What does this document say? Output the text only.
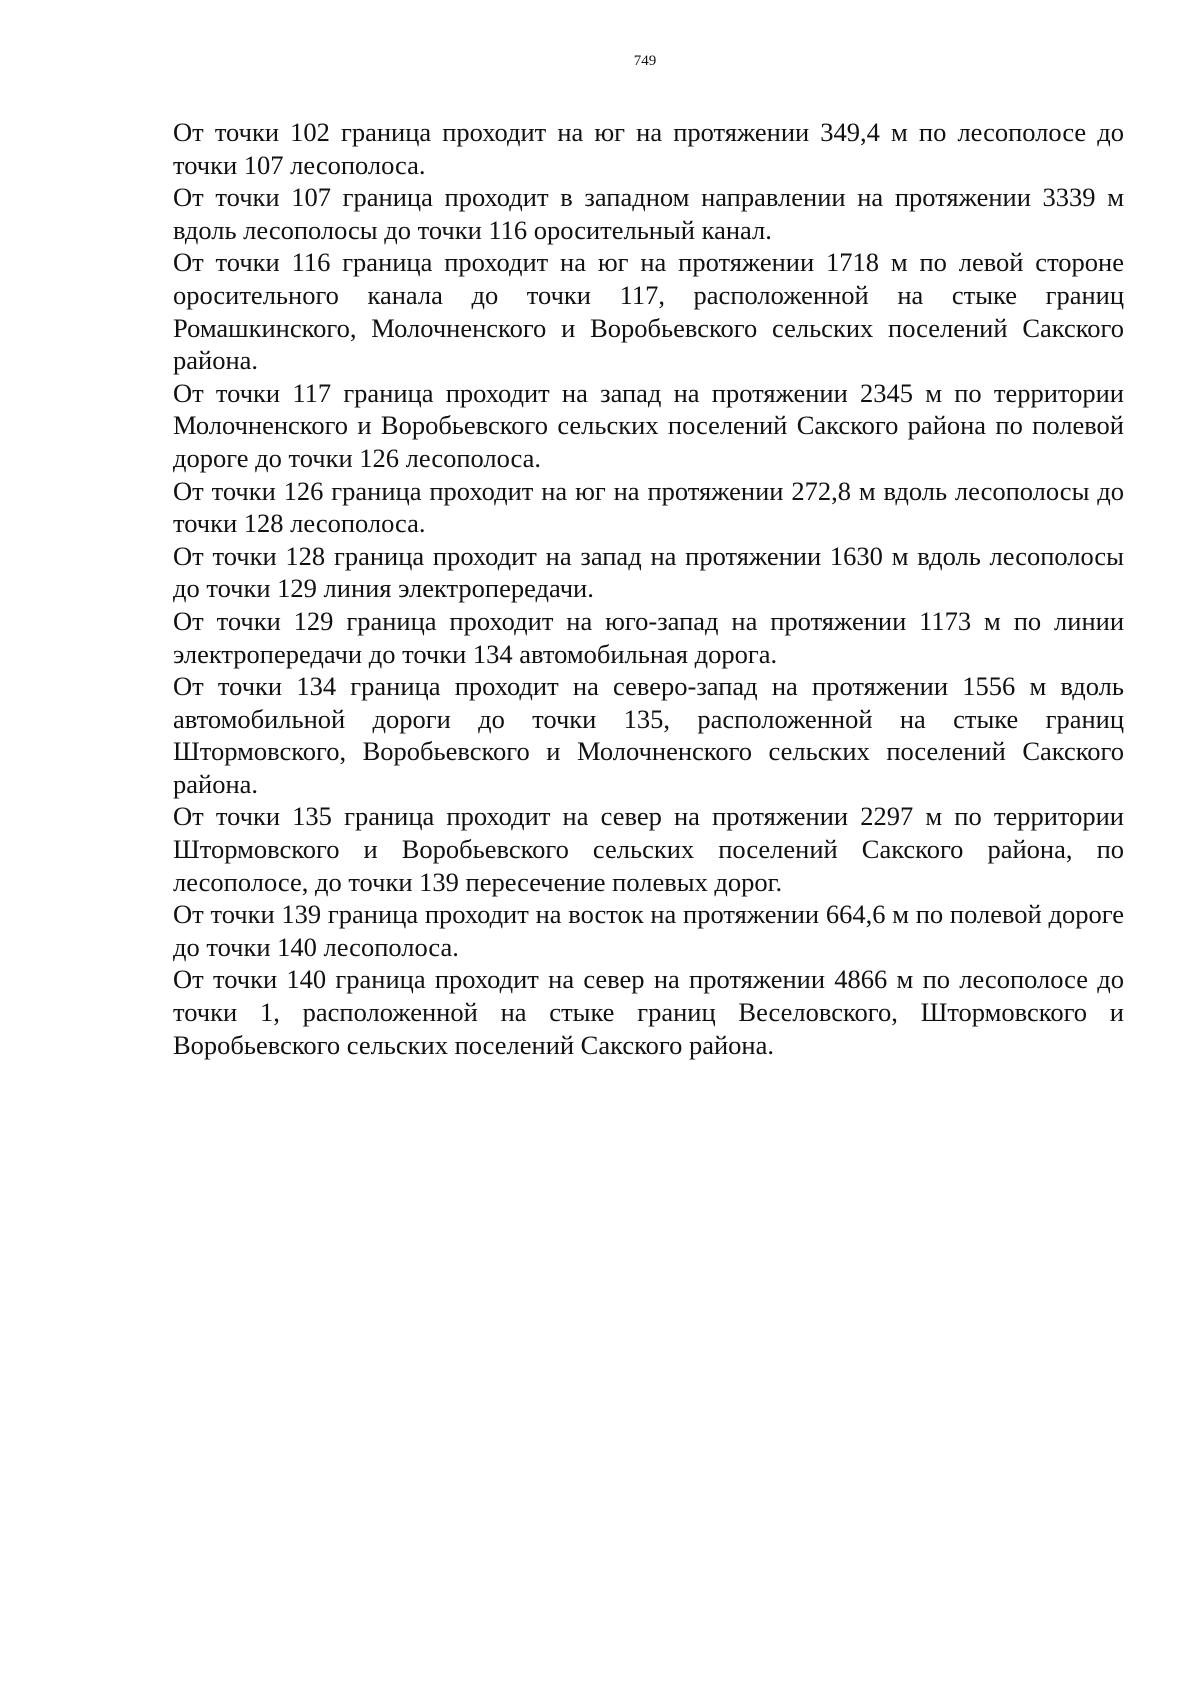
749

От точки 102 граница проходит на юг на протяжении 349,4 м по лесополосе до точки 107 лесополоса.

От точки 107 граница проходит в западном направлении на протяжении 3339 м вдоль лесополосы до точки 116 оросительный канал.

От точки 116 граница проходит на юг на протяжении 1718 м по левой стороне оросительного канала до точки 117, расположенной на стыке границ Ромашкинского, Молочненского и Воробьевского сельских поселений Сакского района.

От точки 117 граница проходит на запад на протяжении 2345 м по территории Молочненского и Воробьевского сельских поселений Сакского района по полевой дороге до точки 126 лесополоса.

От точки 126 граница проходит на юг на протяжении 272,8 м вдоль лесополосы до точки 128 лесополоса.

От точки 128 граница проходит на запад на протяжении 1630 м вдоль лесополосы до точки 129 линия электропередачи.

От точки 129 граница проходит на юго-запад на протяжении 1173 м по линии электропередачи до точки 134 автомобильная дорога.

От точки 134 граница проходит на северо-запад на протяжении 1556 м вдоль автомобильной дороги до точки 135, расположенной на стыке границ Штормовского, Воробьевского и Молочненского сельских поселений Сакского района.

От точки 135 граница проходит на север на протяжении 2297 м по территории Штормовского и Воробьевского сельских поселений Сакского района, по лесополосе, до точки 139 пересечение полевых дорог.

От точки 139 граница проходит на восток на протяжении 664,6 м по полевой дороге до точки 140 лесополоса.

От точки 140 граница проходит на север на протяжении 4866 м по лесополосе до точки 1, расположенной на стыке границ Веселовского, Штормовского и Воробьевского сельских поселений Сакского района.
